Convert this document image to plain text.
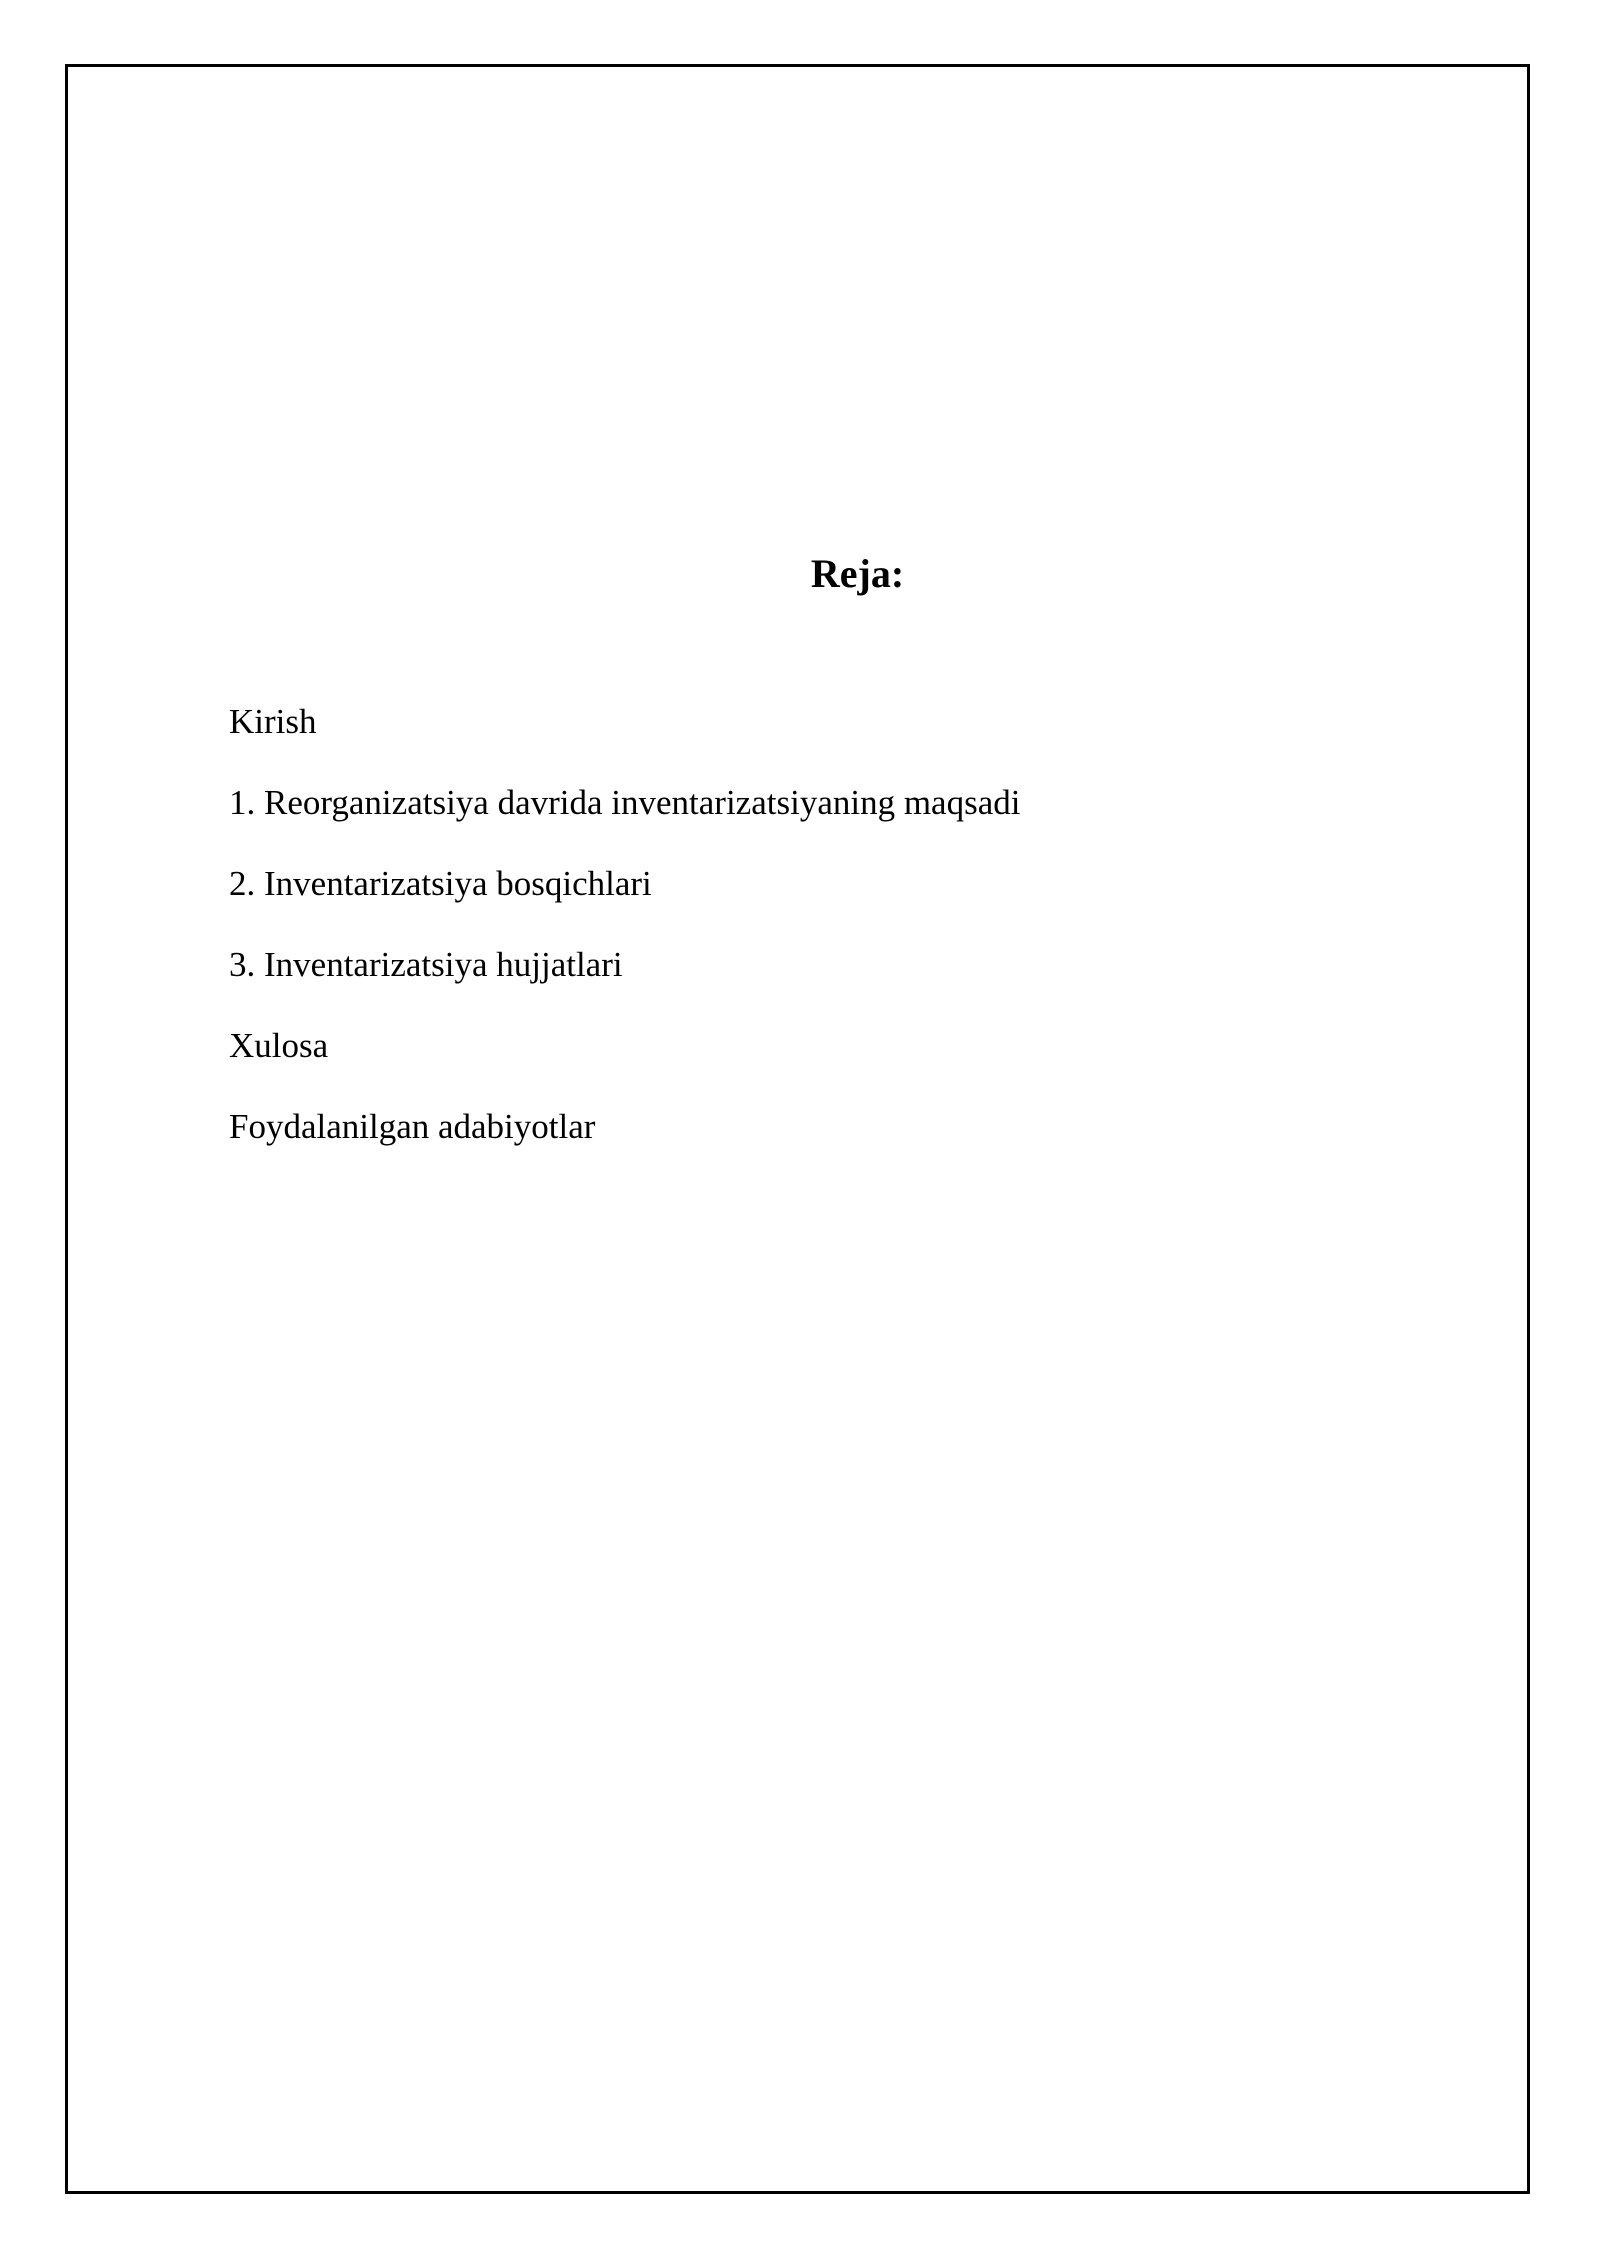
Reja:
Kirish
1. Reorganizatsiya davrida inventarizatsiyaning maqsadi
2. Inventarizatsiya bosqichlari
3. Inventarizatsiya hujjatlari
Xulosa
Foydalanilgan adabiyotlar
